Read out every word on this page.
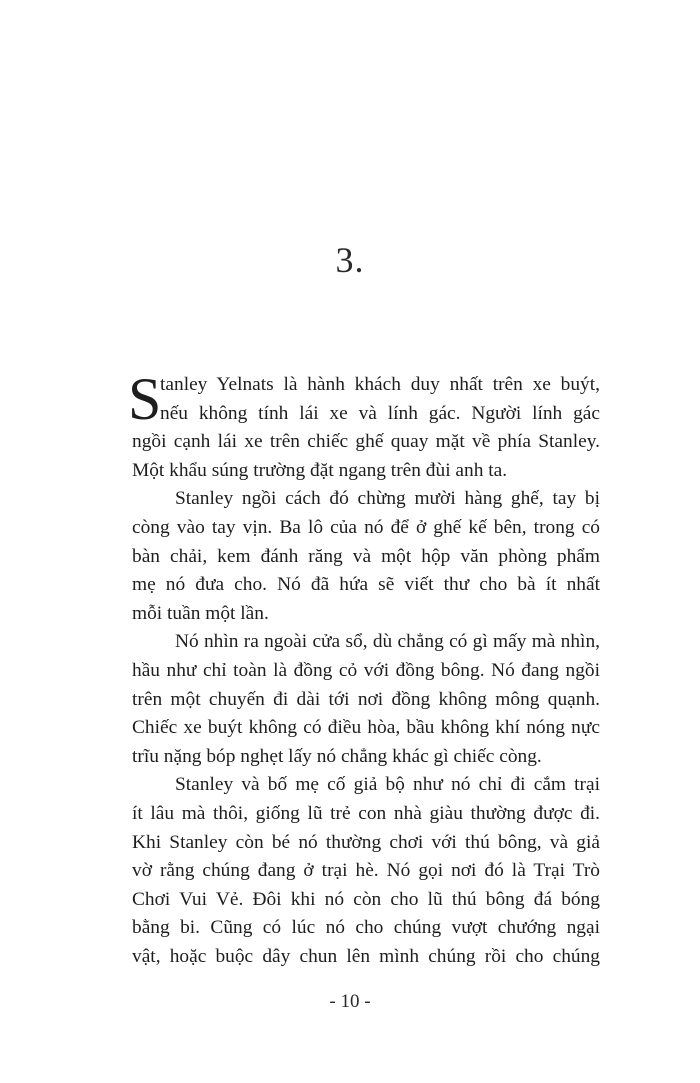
3.
S
tanley Yelnats là hành khách duy nhất trên xe buýt,
nếu không tính lái xe và lính gác. Người lính gác
ngồi cạnh lái xe trên chiếc ghế quay mặt về phía Stanley.
Một khẩu súng trường đặt ngang trên đùi anh ta.
Stanley ngồi cách đó chừng mười hàng ghế, tay bị
còng vào tay vịn. Ba lô của nó để ở ghế kế bên, trong có
bàn chải, kem đánh răng và một hộp văn phòng phẩm
mẹ nó đưa cho. Nó đã hứa sẽ viết thư cho bà ít nhất
mỗi tuần một lần.
Nó nhìn ra ngoài cửa sổ, dù chẳng có gì mấy mà nhìn,
hầu như chỉ toàn là đồng cỏ với đồng bông. Nó đang ngồi
trên một chuyến đi dài tới nơi đồng không mông quạnh.
Chiếc xe buýt không có điều hòa, bầu không khí nóng nực
trĩu nặng bóp nghẹt lấy nó chẳng khác gì chiếc còng.
Stanley và bố mẹ cố giả bộ như nó chỉ đi cắm trại
ít lâu mà thôi, giống lũ trẻ con nhà giàu thường được đi.
Khi Stanley còn bé nó thường chơi với thú bông, và giả
vờ rằng chúng đang ở trại hè. Nó gọi nơi đó là Trại Trò
Chơi Vui Vẻ. Đôi khi nó còn cho lũ thú bông đá bóng
bằng bi. Cũng có lúc nó cho chúng vượt chướng ngại
vật, hoặc buộc dây chun lên mình chúng rồi cho chúng
- 10 -
